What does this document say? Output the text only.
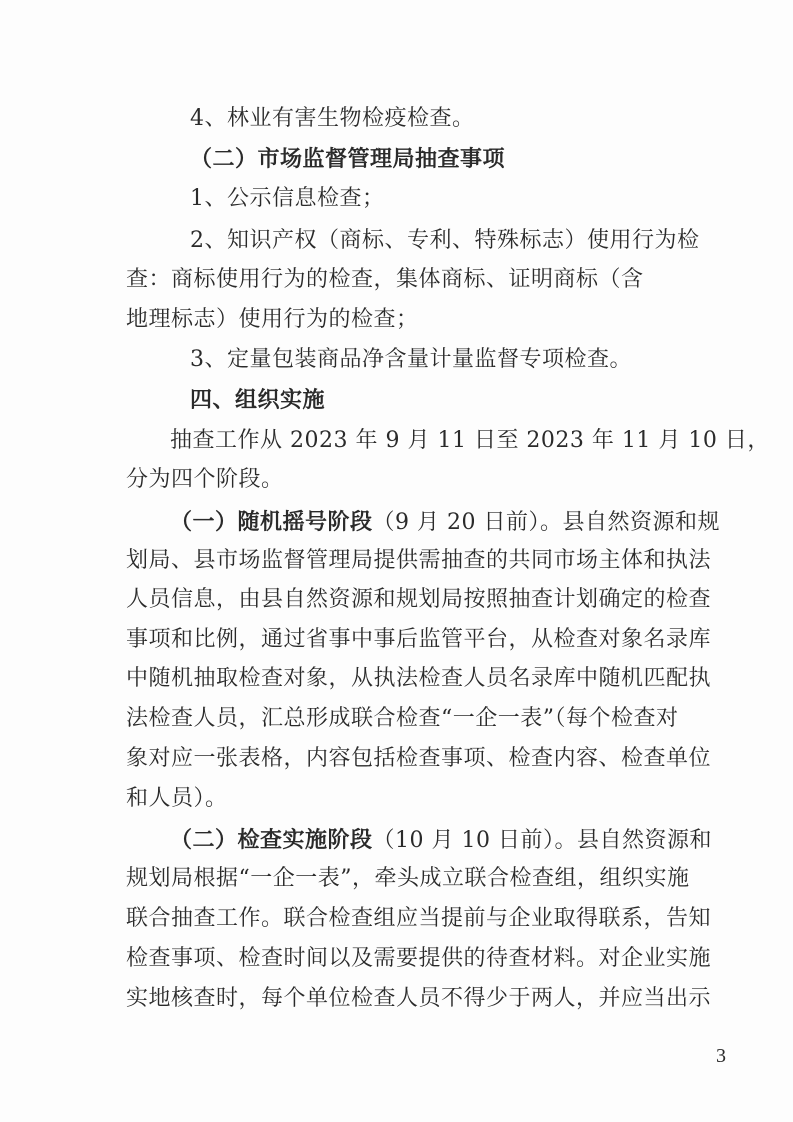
4、林业有害生物检疫检查。
（二）市场监督管理局抽查事项
1、公示信息检查；
2、知识产权（商标、专利、特殊标志）使用行为检
查：商标使用行为的检查，集体商标、证明商标（含
地理标志）使用行为的检查；
3、定量包装商品净含量计量监督专项检查。
四、组织实施
抽查工作从 2023 年 9 月 11 日至 2023 年 11 月 10 日，
分为四个阶段。
（一）随机摇号阶段（9 月 20 日前）。县自然资源和规
划局、县市场监督管理局提供需抽查的共同市场主体和执法
人员信息，由县自然资源和规划局按照抽查计划确定的检查
事项和比例，通过省事中事后监管平台，从检查对象名录库
中随机抽取检查对象，从执法检查人员名录库中随机匹配执
法检查人员，汇总形成联合检查“一企一表”（每个检查对
象对应一张表格，内容包括检查事项、检查内容、检查单位
和人员）。
（二）检查实施阶段（10 月 10 日前）。县自然资源和
规划局根据“一企一表”，牵头成立联合检查组，组织实施
联合抽查工作。联合检查组应当提前与企业取得联系，告知
检查事项、检查时间以及需要提供的待查材料。对企业实施
实地核查时，每个单位检查人员不得少于两人，并应当出示
3
